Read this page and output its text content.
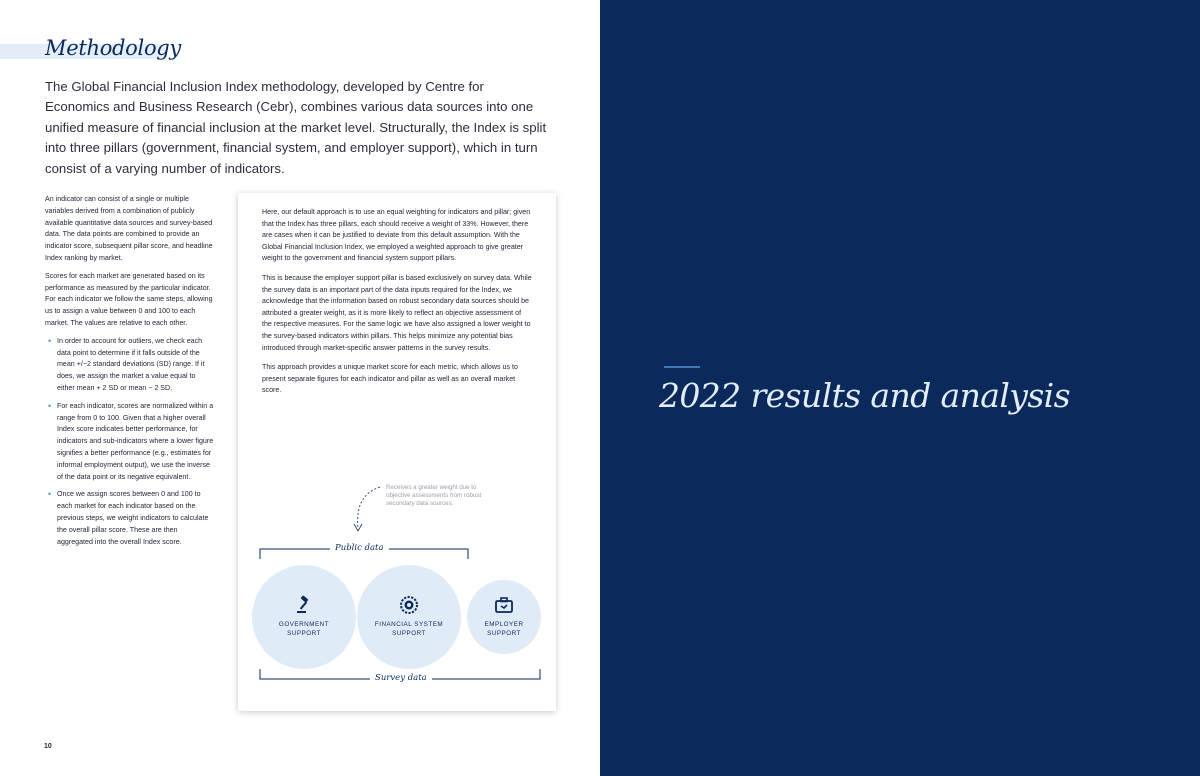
Methodology
The Global Financial Inclusion Index methodology, developed by Centre for Economics and Business Research (Cebr), combines various data sources into one unified measure of financial inclusion at the market level. Structurally, the Index is split into three pillars (government, financial system, and employer support), which in turn consist of a varying number of indicators.

An indicator can consist of a single or multiple variables derived from a combination of publicly available quantitative data sources and survey-based data. The data points are combined to provide an indicator score, subsequent pillar score, and headline Index ranking by market.

Scores for each market are generated based on its performance as measured by the particular indicator. For each indicator we follow the same steps, allowing us to assign a value between 0 and 100 to each market. The values are relative to each other.

• In order to account for outliers, we check each data point to determine if it falls outside of the mean +/−2 standard deviations (SD) range. If it does, we assign the market a value equal to either mean + 2 SD or mean − 2 SD.
• For each indicator, scores are normalized within a range from 0 to 100. Given that a higher overall Index score indicates better performance, for indicators and sub-indicators where a lower figure signifies a better performance (e.g., estimates for informal employment output), we use the inverse of the data point or its negative equivalent.
• Once we assign scores between 0 and 100 to each market for each indicator based on the previous steps, we weight indicators to calculate the overall pillar score. These are then aggregated into the overall Index score.
10

Here, our default approach is to use an equal weighting for indicators and pillar; given that the Index has three pillars, each should receive a weight of 33%. However, there are cases when it can be justified to deviate from this default assumption. With the Global Financial Inclusion Index, we employed a weighted approach to give greater weight to the government and financial system support pillars.

This is because the employer support pillar is based exclusively on survey data. While the survey data is an important part of the data inputs required for the Index, we acknowledge that the information based on robust secondary data sources should be attributed a greater weight, as it is more likely to reflect an objective assessment of the respective measures. For the same logic we have also assigned a lower weight to the survey-based indicators within pillars. This helps minimize any potential bias introduced through market-specific answer patterns in the survey results.

This approach provides a unique market score for each metric, which allows us to present separate figures for each indicator and pillar as well as an overall market score.

Receives a greater weight due to objective assessments from robust secondary data sources.
Public data
Survey data
GOVERNMENT
SUPPORT
FINANCIAL SYSTEM
SUPPORT
EMPLOYER
SUPPORT
2022 results and analysis
